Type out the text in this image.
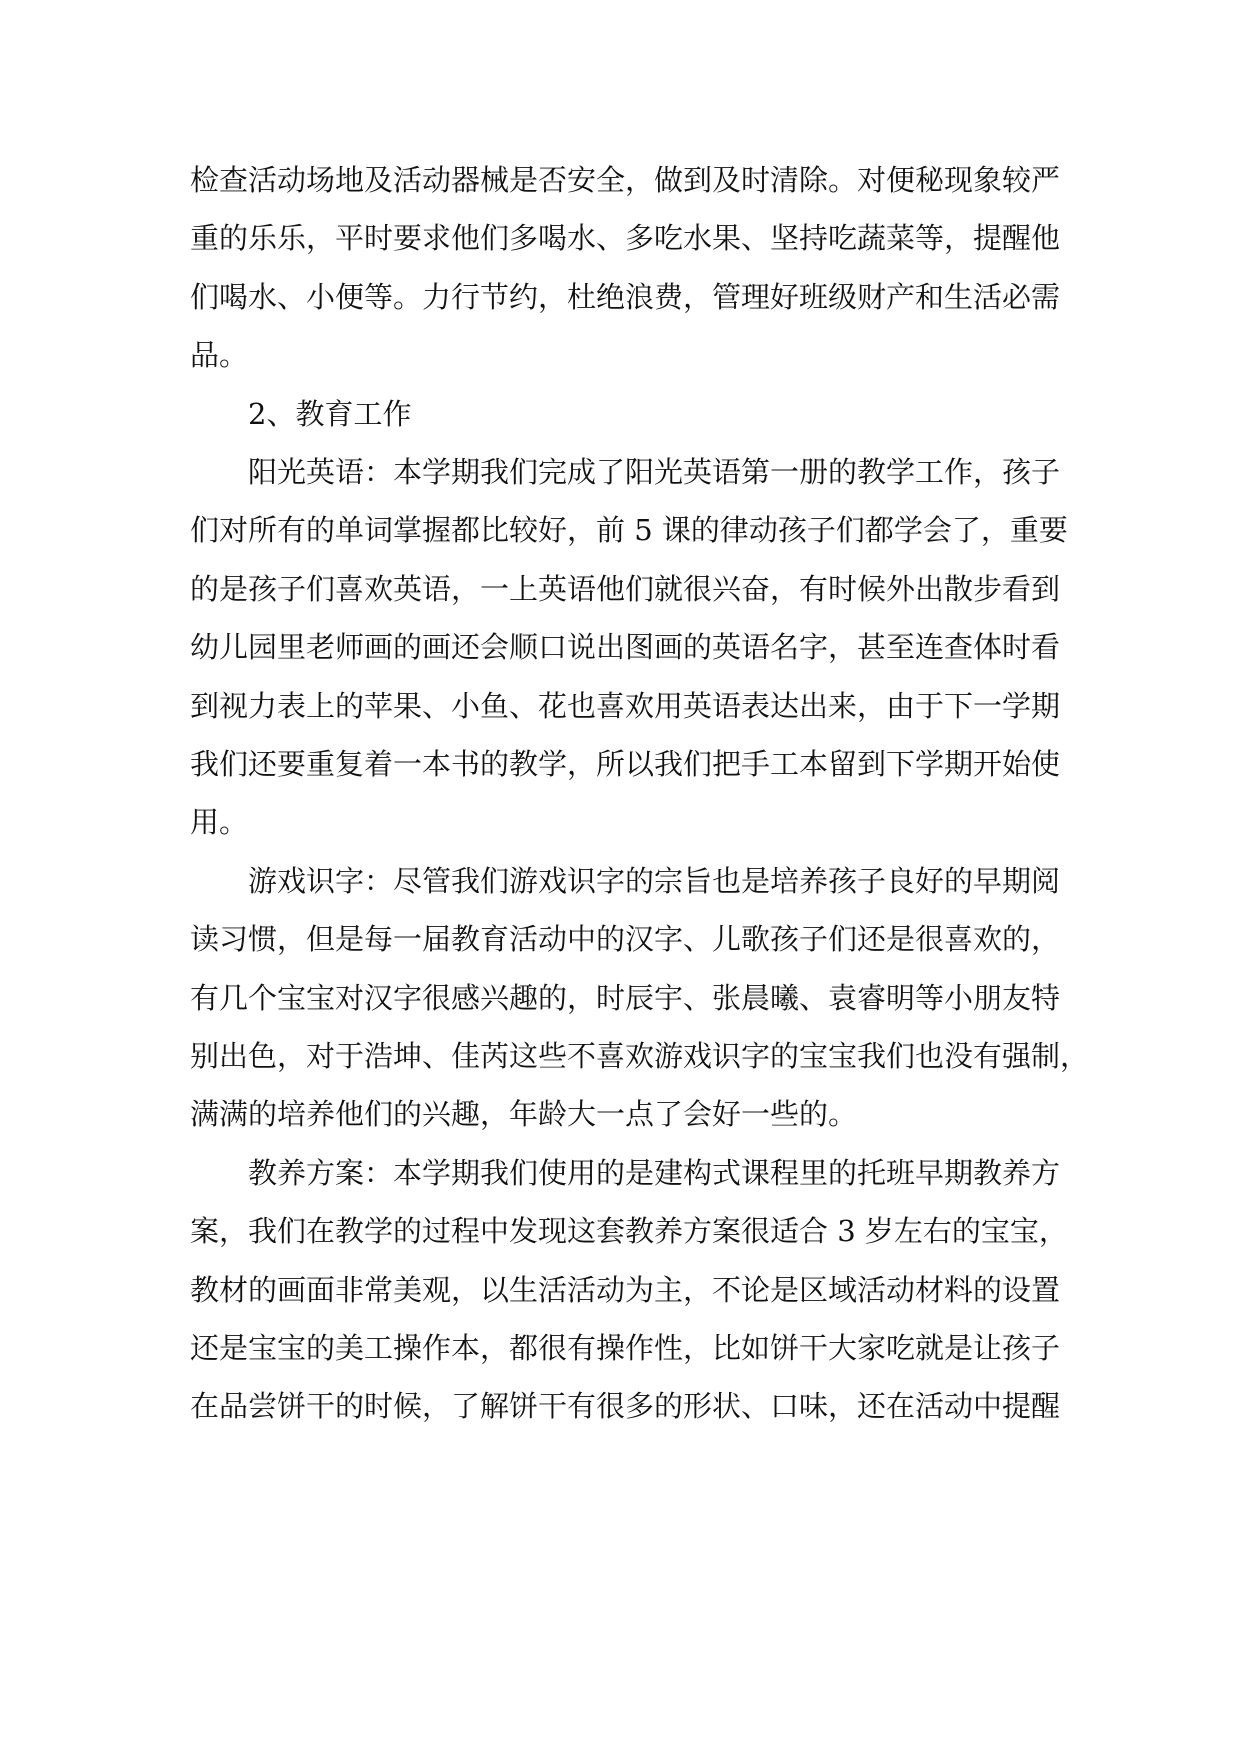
检查活动场地及活动器械是否安全，做到及时清除。对便秘现象较严
重的乐乐，平时要求他们多喝水、多吃水果、坚持吃蔬菜等，提醒他
们喝水、小便等。力行节约，杜绝浪费，管理好班级财产和生活必需
品。
2、教育工作
阳光英语：本学期我们完成了阳光英语第一册的教学工作，孩子
们对所有的单词掌握都比较好，前 5 课的律动孩子们都学会了，重要
的是孩子们喜欢英语，一上英语他们就很兴奋，有时候外出散步看到
幼儿园里老师画的画还会顺口说出图画的英语名字，甚至连查体时看
到视力表上的苹果、小鱼、花也喜欢用英语表达出来，由于下一学期
我们还要重复着一本书的教学，所以我们把手工本留到下学期开始使
用。
游戏识字：尽管我们游戏识字的宗旨也是培养孩子良好的早期阅
读习惯，但是每一届教育活动中的汉字、儿歌孩子们还是很喜欢的，
有几个宝宝对汉字很感兴趣的，时辰宇、张晨曦、袁睿明等小朋友特
别出色，对于浩坤、佳芮这些不喜欢游戏识字的宝宝我们也没有强制，
满满的培养他们的兴趣，年龄大一点了会好一些的。
教养方案：本学期我们使用的是建构式课程里的托班早期教养方
案，我们在教学的过程中发现这套教养方案很适合 3 岁左右的宝宝，
教材的画面非常美观，以生活活动为主，不论是区域活动材料的设置
还是宝宝的美工操作本，都很有操作性，比如饼干大家吃就是让孩子
在品尝饼干的时候，了解饼干有很多的形状、口味，还在活动中提醒
